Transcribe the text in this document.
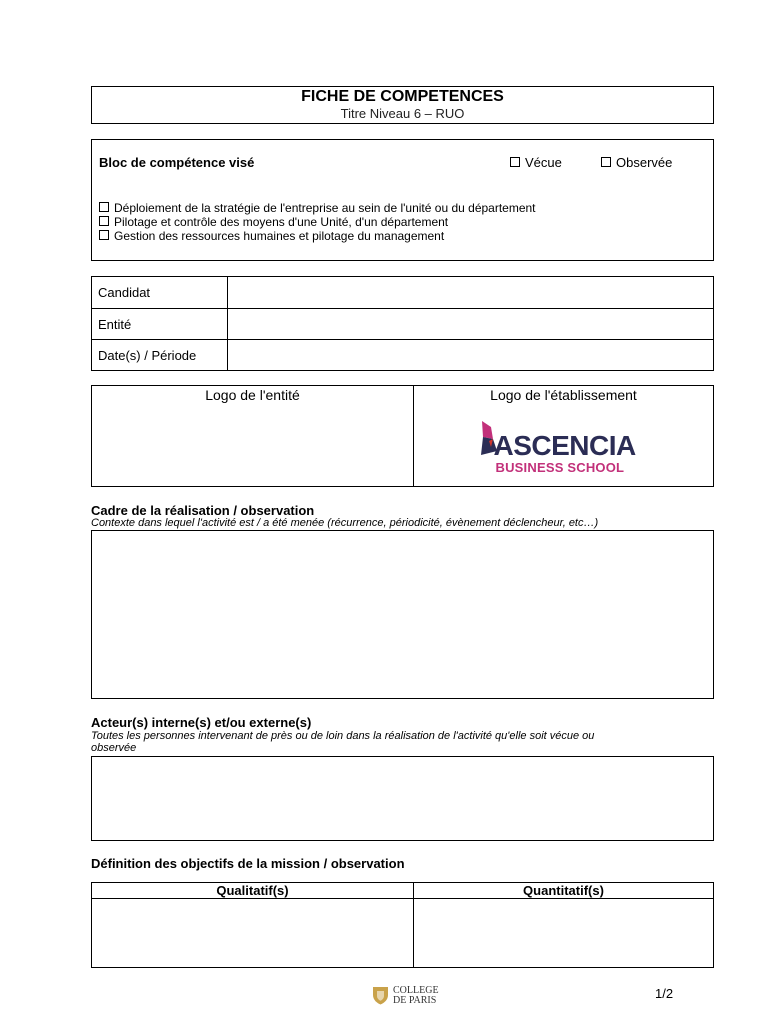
FICHE DE COMPETENCES
Titre Niveau 6 – RUO
Bloc de compétence visé	Vécue	Observée
Déploiement de la stratégie de l'entreprise au sein de l'unité ou du département
Pilotage et contrôle des moyens d'une Unité, d'un département
Gestion des ressources humaines et pilotage du management
Candidat	
Entité	
Date(s) / Période	
Logo de l'entité	Logo de l'établissement
ASCENCIA
BUSINESS SCHOOL
Cadre de la réalisation / observation
Contexte dans lequel l'activité est / a été menée (récurrence, périodicité, évènement déclencheur, etc…)
Acteur(s) interne(s) et/ou externe(s)
Toutes les personnes intervenant de près ou de loin dans la réalisation de l'activité qu'elle soit vécue ou
observée
Définition des objectifs de la mission / observation
Qualitatif(s)	Quantitatif(s)

COLLEGE
DE PARIS	1/2
